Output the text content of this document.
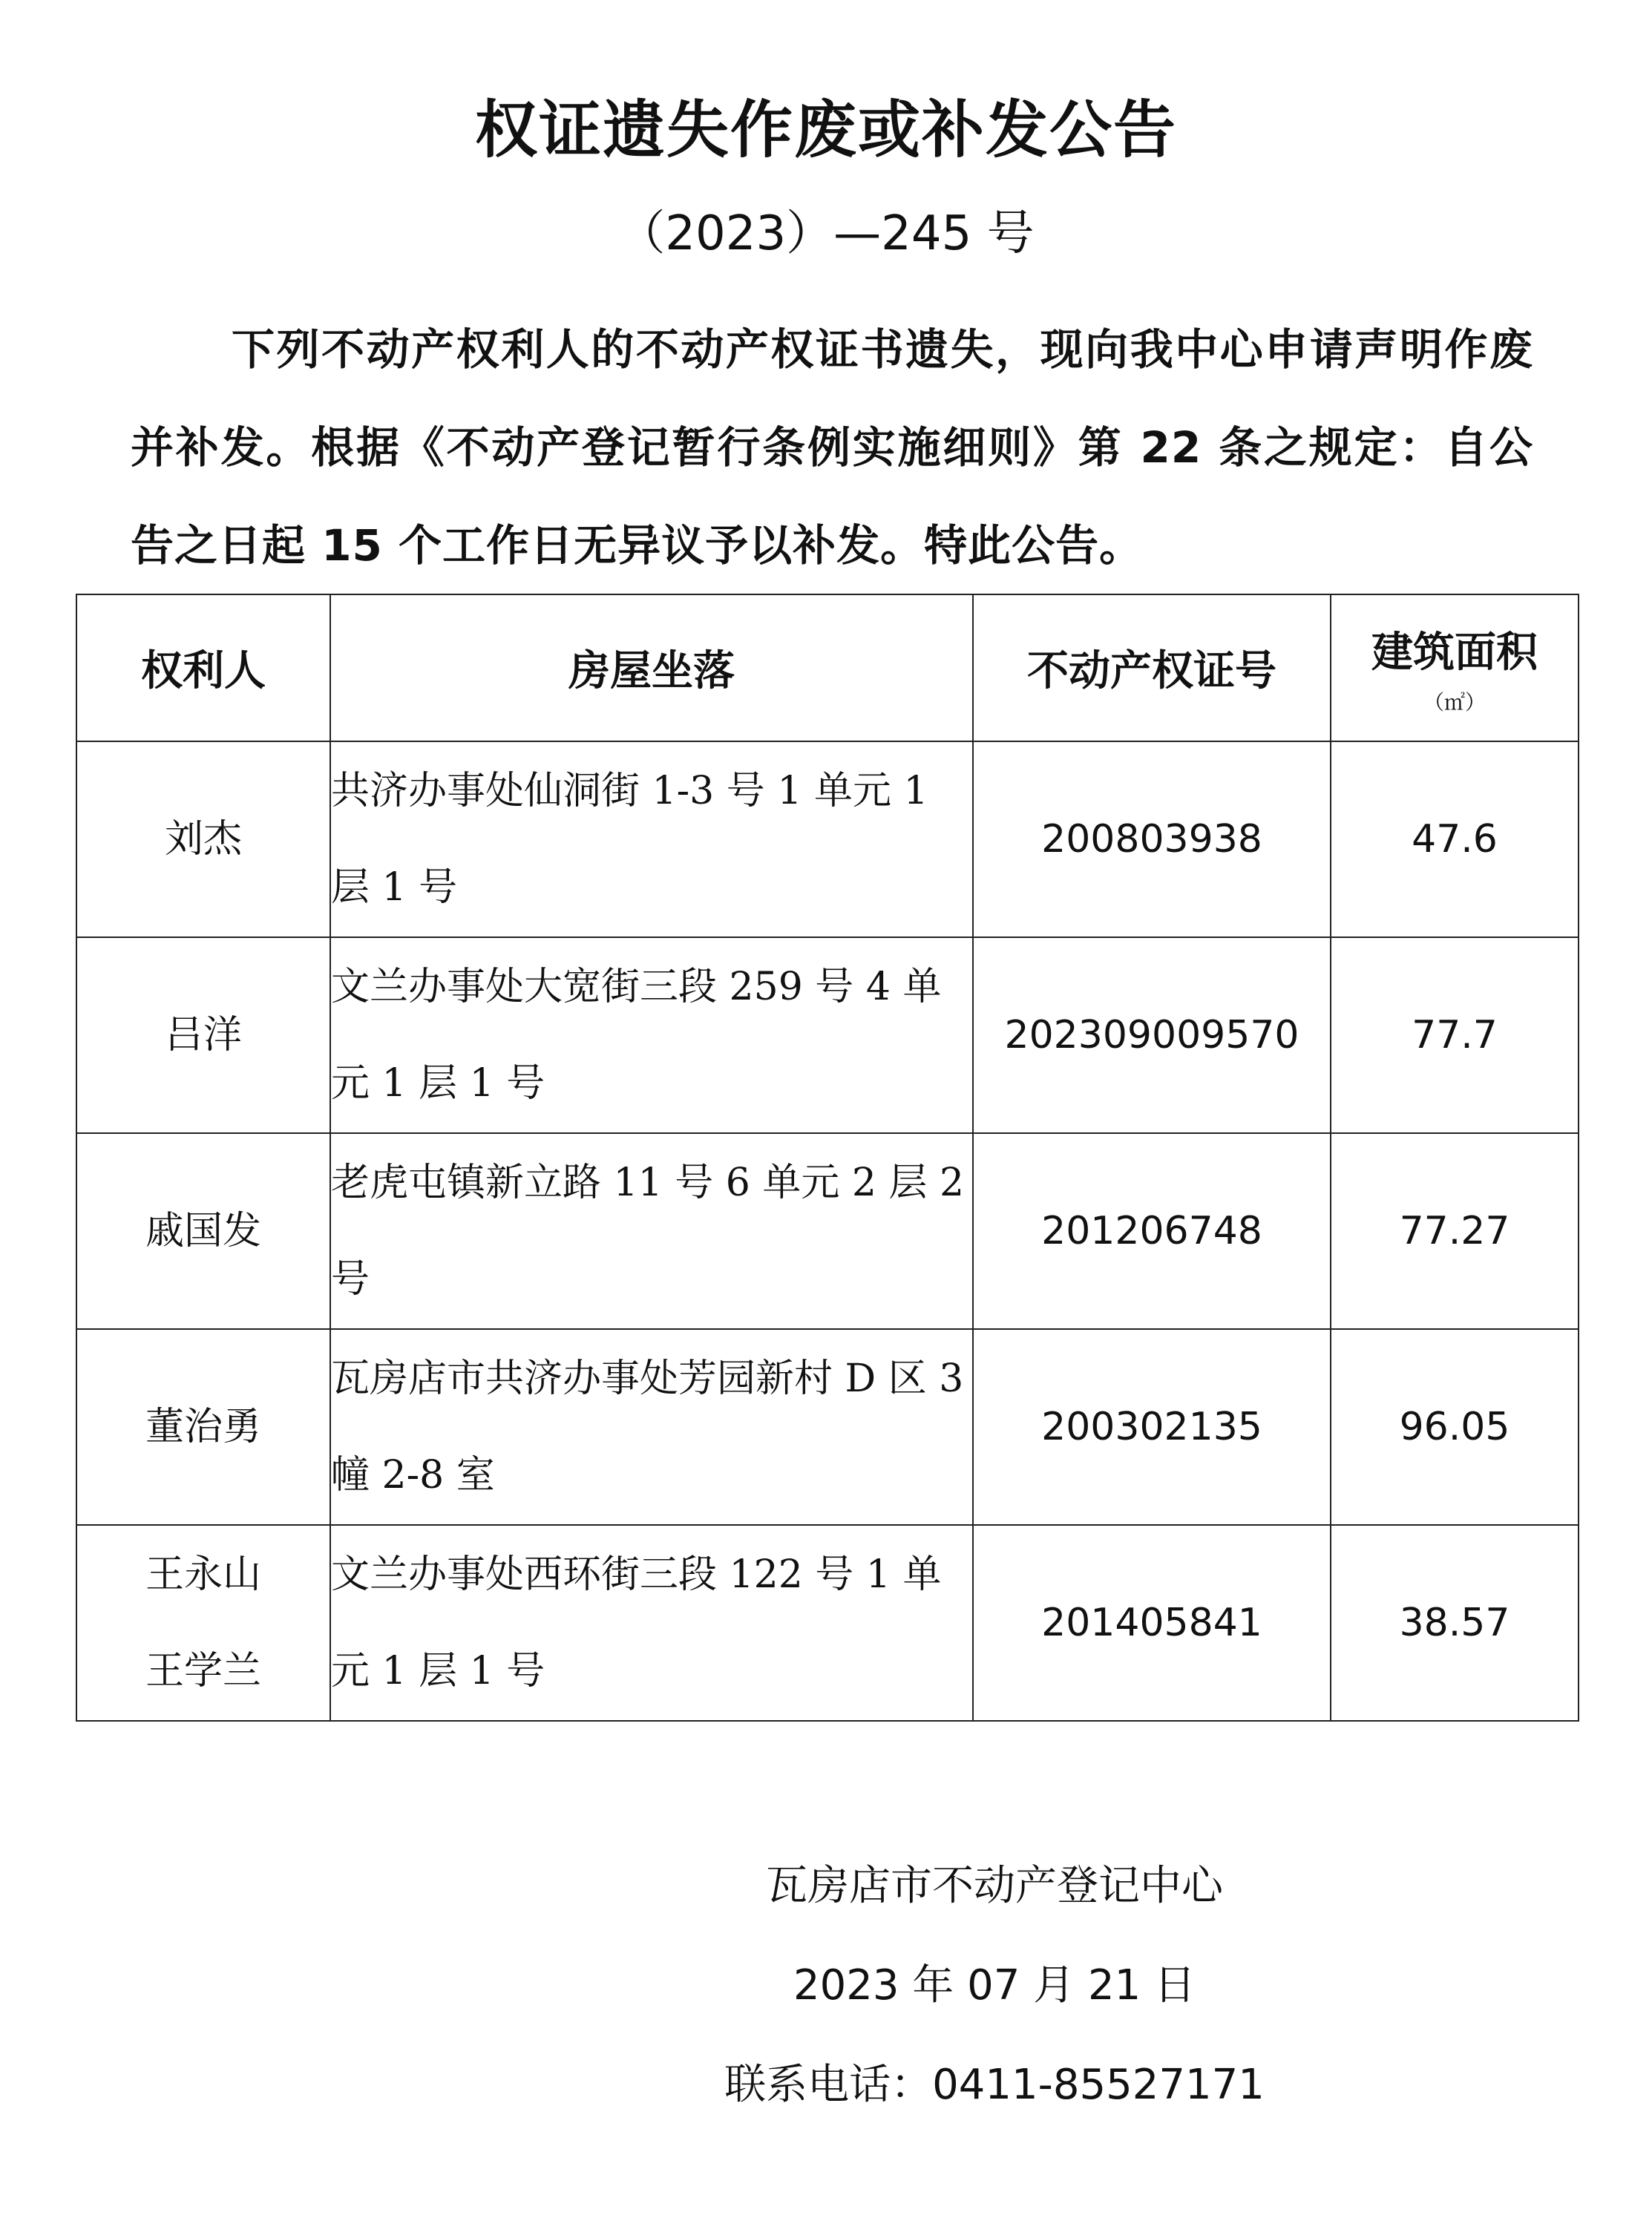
权证遗失作废或补发公告
（2023）—245 号
下列不动产权利人的不动产权证书遗失，现向我中心申请声明作废并补发。根据《不动产登记暂行条例实施细则》第 22 条之规定：自公告之日起 15 个工作日无异议予以补发。特此公告。
权利人	房屋坐落	不动产权证号	建筑面积
（㎡）

刘杰	共济办事处仙洞街 1-3 号 1 单元 1 层 1 号	200803938	47.6

吕洋	文兰办事处大宽街三段 259 号 4 单元 1 层 1 号	202309009570	77.7

戚国发	老虎屯镇新立路 11 号 6 单元 2 层 2 号	201206748	77.27

董治勇	瓦房店市共济办事处芳园新村 D 区 3 幢 2-8 室	200302135	96.05

王永山
王学兰	文兰办事处西环街三段 122 号 1 单元 1 层 1 号	201405841	38.57
瓦房店市不动产登记中心
2023 年 07 月 21 日
联系电话：0411-85527171
